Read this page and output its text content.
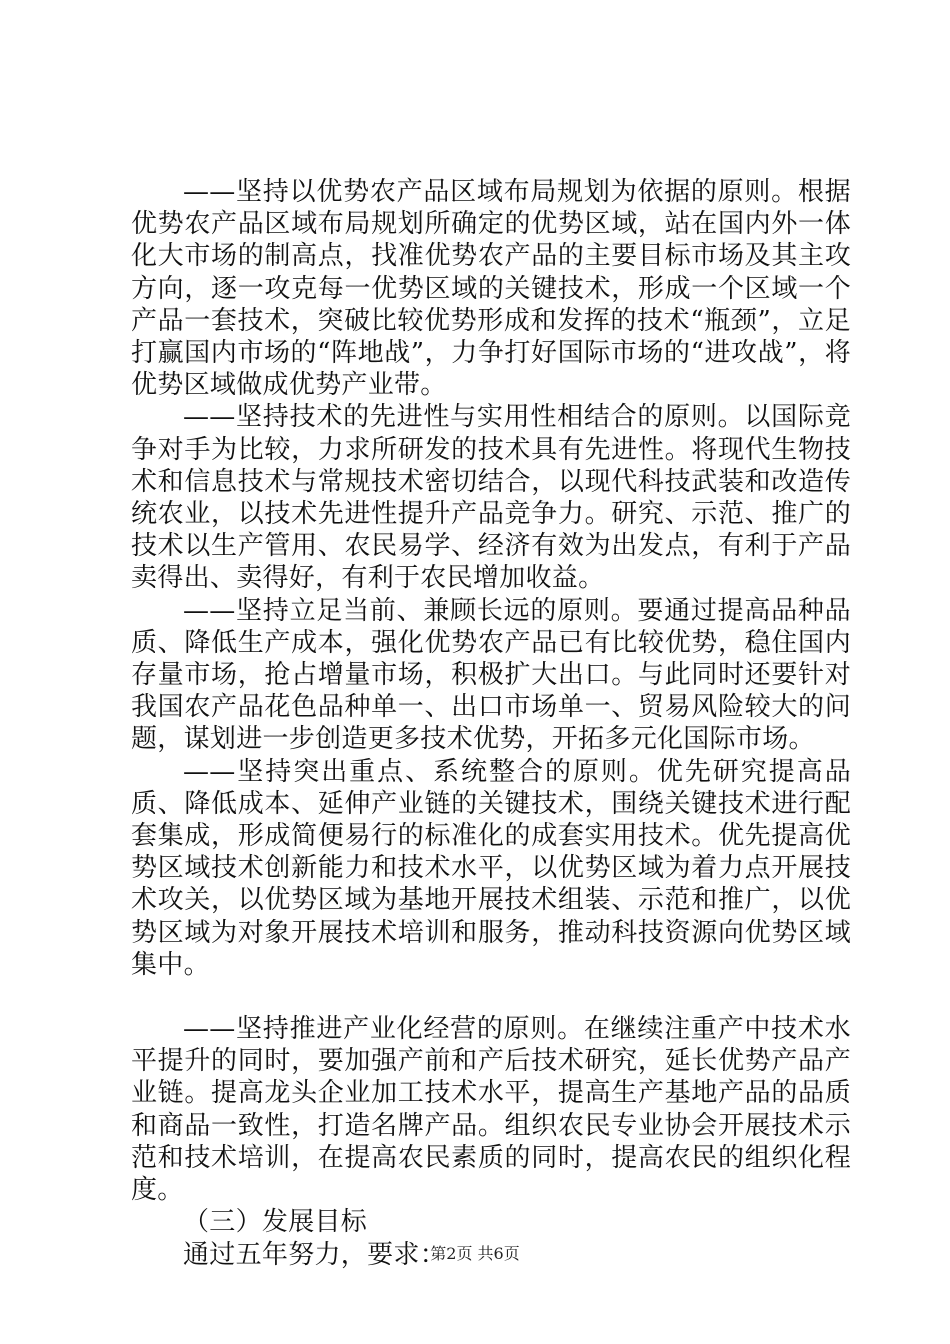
——坚持以优势农产品区域布局规划为依据的原则。根据优势农产品区域布局规划所确定的优势区域，站在国内外一体化大市场的制高点，找准优势农产品的主要目标市场及其主攻方向，逐一攻克每一优势区域的关键技术，形成一个区域一个产品一套技术，突破比较优势形成和发挥的技术“瓶颈”，立足打赢国内市场的“阵地战”，力争打好国际市场的“进攻战”，将优势区域做成优势产业带。

——坚持技术的先进性与实用性相结合的原则。以国际竞争对手为比较，力求所研发的技术具有先进性。将现代生物技术和信息技术与常规技术密切结合，以现代科技武装和改造传统农业，以技术先进性提升产品竞争力。研究、示范、推广的技术以生产管用、农民易学、经济有效为出发点，有利于产品卖得出、卖得好，有利于农民增加收益。

——坚持立足当前、兼顾长远的原则。要通过提高品种品质、降低生产成本，强化优势农产品已有比较优势，稳住国内存量市场，抢占增量市场，积极扩大出口。与此同时还要针对我国农产品花色品种单一、出口市场单一、贸易风险较大的问题，谋划进一步创造更多技术优势，开拓多元化国际市场。

——坚持突出重点、系统整合的原则。优先研究提高品质、降低成本、延伸产业链的关键技术，围绕关键技术进行配套集成，形成简便易行的标准化的成套实用技术。优先提高优势区域技术创新能力和技术水平，以优势区域为着力点开展技术攻关，以优势区域为基地开展技术组装、示范和推广，以优势区域为对象开展技术培训和服务，推动科技资源向优势区域集中。

——坚持推进产业化经营的原则。在继续注重产中技术水平提升的同时，要加强产前和产后技术研究，延长优势产品产业链。提高龙头企业加工技术水平，提高生产基地产品的品质和商品一致性，打造名牌产品。组织农民专业协会开展技术示范和技术培训，在提高农民素质的同时，提高农民的组织化程度。

（三）发展目标

通过五年努力，要求：

第2页 共6页
